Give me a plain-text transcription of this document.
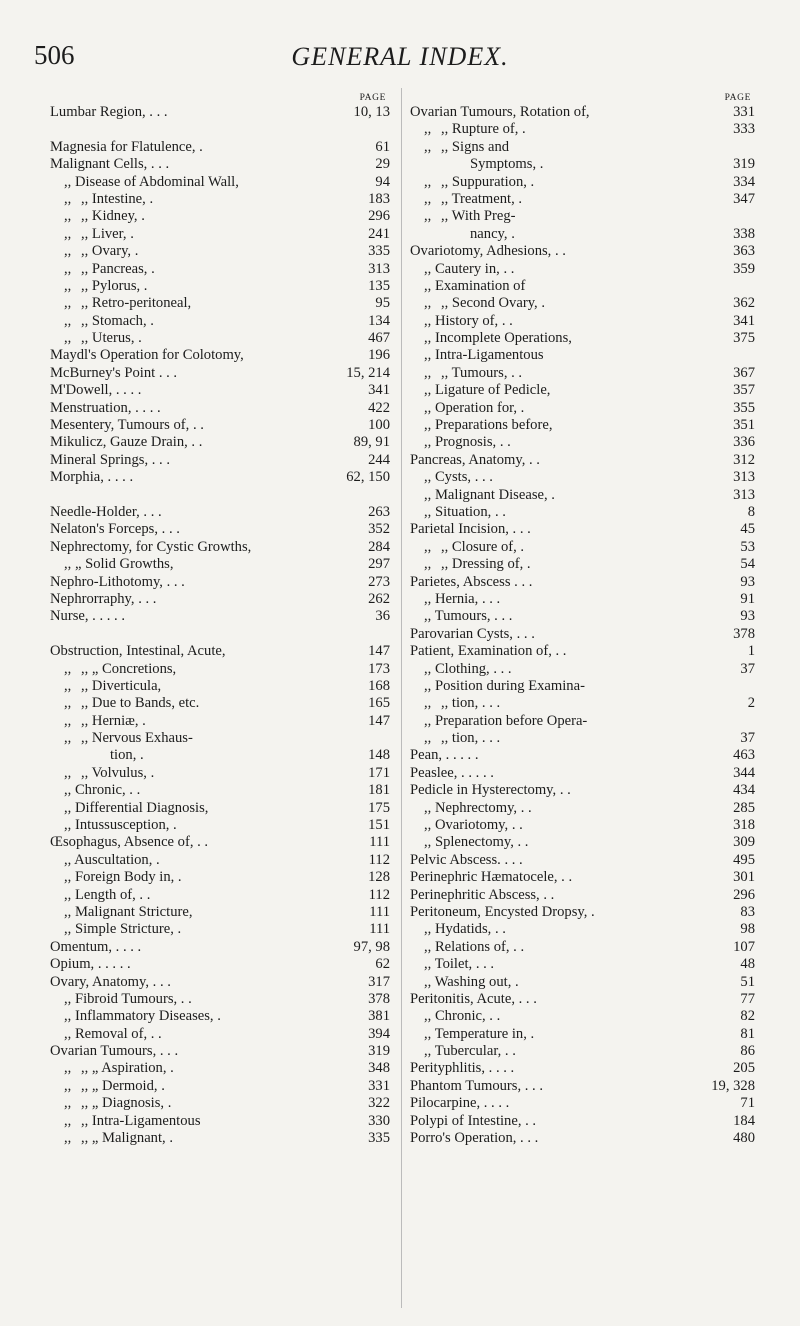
506	GENERAL INDEX.
PAGE
Lumbar Region, . . .	10, 13
Magnesia for Flatulence, .	61
Malignant Cells, . . .	29
,, Disease of Abdominal Wall,	94
,, ,, Intestine, .	183
,, ,, Kidney, .	296
,, ,, Liver, .	241
,, ,, Ovary, .	335
,, ,, Pancreas, .	313
,, ,, Pylorus, .	135
,, ,, Retro-peritoneal,	95
,, ,, Stomach, .	134
,, ,, Uterus, .	467
Maydl's Operation for Colotomy,	196
McBurney's Point . . .	15, 214
M'Dowell, . . . .	341
Menstruation, . . . .	422
Mesentery, Tumours of, . .	100
Mikulicz, Gauze Drain, . .	89, 91
Mineral Springs, . . .	244
Morphia, . . . .	62, 150
Needle-Holder, . . .	263
Nelaton's Forceps, . . .	352
Nephrectomy, for Cystic Growths,	284
,, „ Solid Growths,	297
Nephro-Lithotomy, . . .	273
Nephrorraphy, . . .	262
Nurse, . . . . .	36
Obstruction, Intestinal, Acute,	147
,, ,, „ Concretions,	173
,, ,, Diverticula,	168
,, ,, Due to Bands, etc.	165
,, ,, Herniæ, .	147
,, ,, Nervous Exhaus-
tion, .	148
,, ,, Volvulus, .	171
,, Chronic, . .	181
,, Differential Diagnosis,	175
,, Intussusception, .	151
Œsophagus, Absence of, . .	111
,, Auscultation, .	112
,, Foreign Body in, .	128
,, Length of, . .	112
,, Malignant Stricture,	111
,, Simple Stricture, .	111
Omentum, . . . .	97, 98
Opium, . . . . .	62
Ovary, Anatomy, . . .	317
,, Fibroid Tumours, . .	378
,, Inflammatory Diseases, .	381
,, Removal of, . .	394
Ovarian Tumours, . . .	319
,, ,, „ Aspiration, .	348
,, ,, „ Dermoid, .	331
,, ,, „ Diagnosis, .	322
,, ,, Intra-Ligamentous	330
,, ,, „ Malignant, .	335
PAGE
Ovarian Tumours, Rotation of,	331
,, ,, Rupture of, .	333
,, ,, Signs and
Symptoms, .	319
,, ,, Suppuration, .	334
,, ,, Treatment, .	347
,, ,, With Preg-
nancy, .	338
Ovariotomy, Adhesions, . .	363
,, Cautery in, . .	359
,, Examination of
,, ,, Second Ovary, .	362
,, History of, . .	341
,, Incomplete Operations,	375
,, Intra-Ligamentous
,, ,, Tumours, . .	367
,, Ligature of Pedicle,	357
,, Operation for, .	355
,, Preparations before,	351
,, Prognosis, . .	336
Pancreas, Anatomy, . .	312
,, Cysts, . . .	313
,, Malignant Disease, .	313
,, Situation, . .	8
Parietal Incision, . . .	45
,, ,, Closure of, .	53
,, ,, Dressing of, .	54
Parietes, Abscess . . .	93
,, Hernia, . . .	91
,, Tumours, . . .	93
Parovarian Cysts, . . .	378
Patient, Examination of, . .	1
,, Clothing, . . .	37
,, Position during Examina-
,, ,, tion, . . .	2
,, Preparation before Opera-
,, ,, tion, . . .	37
Pean, . . . . .	463
Peaslee, . . . . .	344
Pedicle in Hysterectomy, . .	434
,, Nephrectomy, . .	285
,, Ovariotomy, . .	318
,, Splenectomy, . .	309
Pelvic Abscess. . . .	495
Perinephric Hæmatocele, . .	301
Perinephritic Abscess, . .	296
Peritoneum, Encysted Dropsy, .	83
,, Hydatids, . .	98
,, Relations of, . .	107
,, Toilet, . . .	48
,, Washing out, .	51
Peritonitis, Acute, . . .	77
,, Chronic, . .	82
,, Temperature in, .	81
,, Tubercular, . .	86
Perityphlitis, . . . .	205
Phantom Tumours, . . .	19, 328
Pilocarpine, . . . .	71
Polypi of Intestine, . .	184
Porro's Operation, . . .	480
